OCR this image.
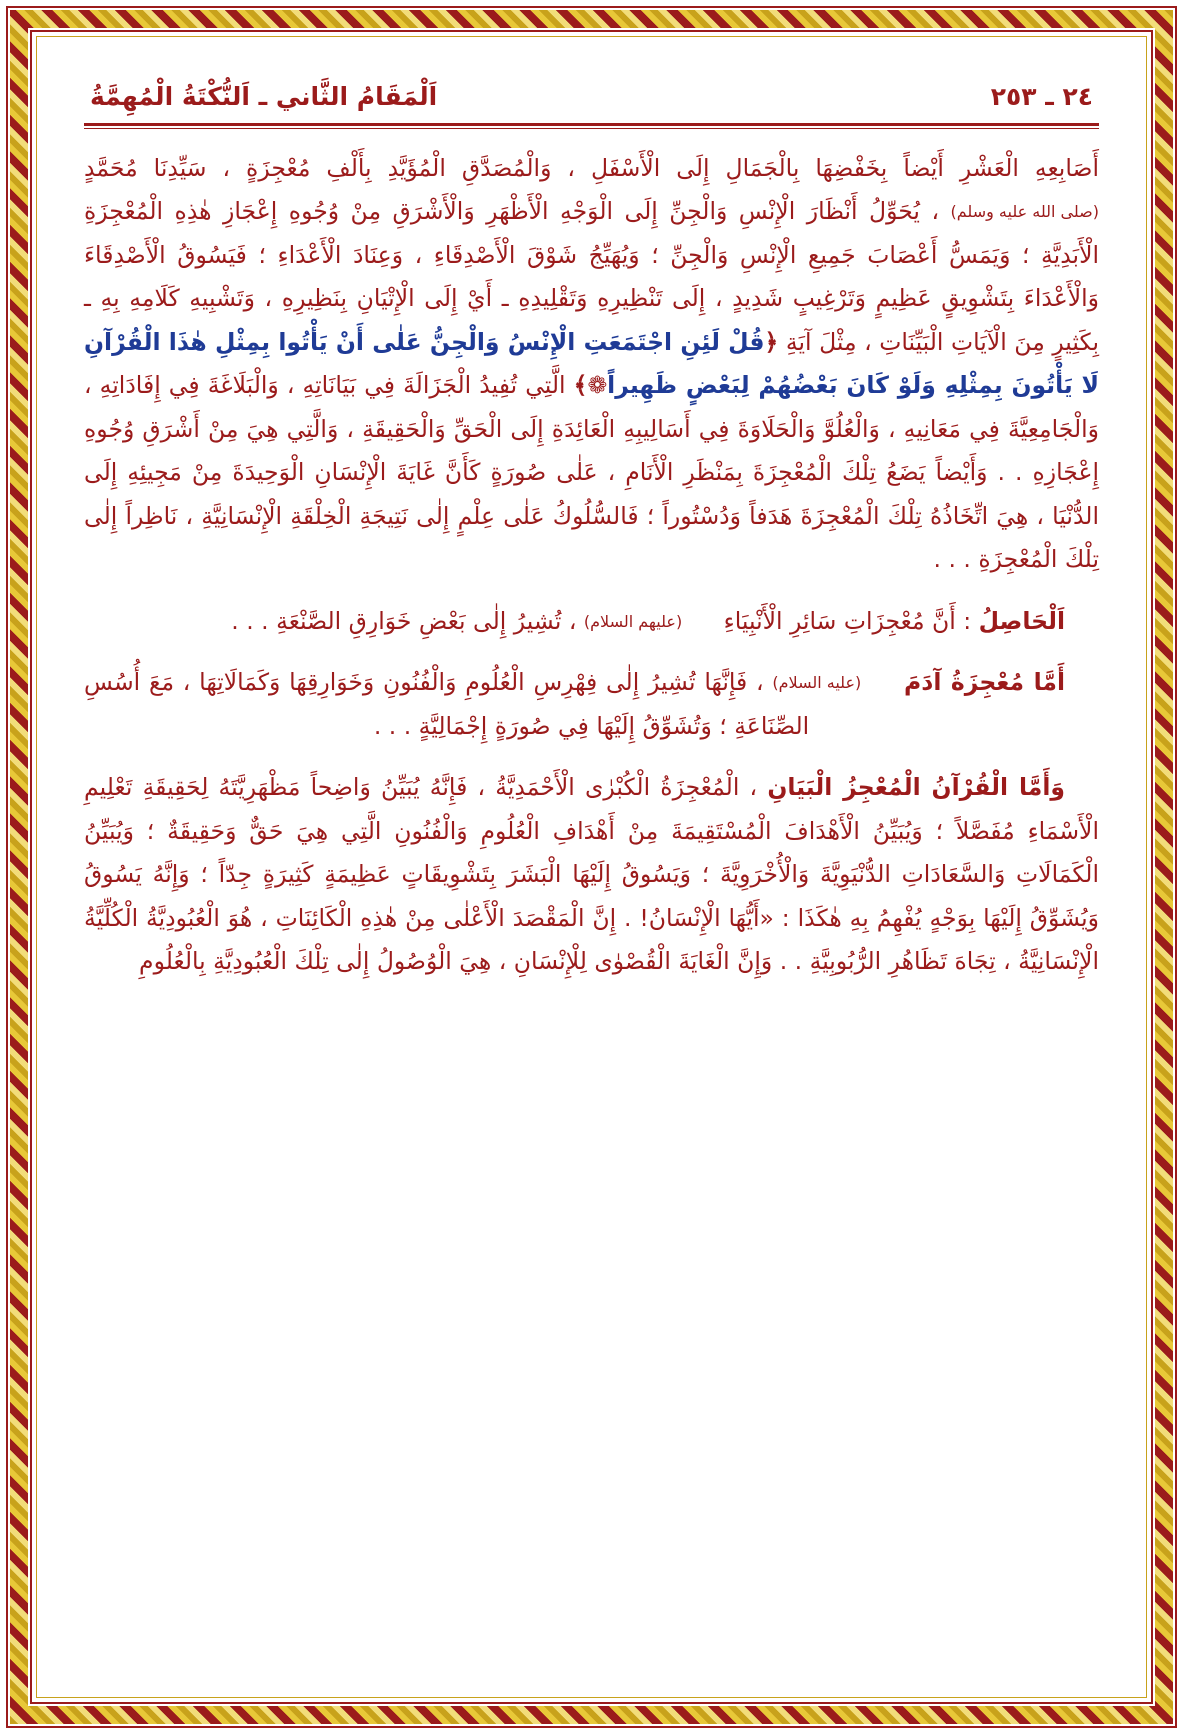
اَلْمَقَامُ الثَّاني ـ اَلنُّكْتَةُ الْمُهِمَّةُ	٢٤ ـ ٢٥٣

أَصَابِعِهِ الْعَشْرِ أَيْضاً بِخَفْضِهَا بِالْجَمَالِ إِلَى الْأَسْفَلِ ، وَالْمُصَدَّقِ الْمُؤَيَّدِ بِأَلْفِ مُعْجِزَةٍ ، سَيِّدِنَا مُحَمَّدٍ (صلى الله عليه وسلم) ، يُحَوِّلُ أَنْظَارَ الْإِنْسِ وَالْجِنِّ إِلَى الْوَجْهِ الْأَظْهَرِ وَالْأَشْرَقِ مِنْ وُجُوهِ إِعْجَازِ هٰذِهِ الْمُعْجِزَةِ الْأَبَدِيَّةِ ؛ وَيَمَسُّ أَعْصَابَ جَمِيعِ الْإِنْسِ وَالْجِنِّ ؛ وَيُهَيِّجُ شَوْقَ الْأَصْدِقَاءِ ، وَعِنَادَ الْأَعْدَاءِ ؛ فَيَسُوقُ الْأَصْدِقَاءَ وَالْأَعْدَاءَ بِتَشْوِيقٍ عَظِيمٍ وَتَرْغِيبٍ شَدِيدٍ ، إِلَى تَنْظِيرِهِ وَتَقْلِيدِهِ ـ أَيْ إِلَى الْإِتْيَانِ بِنَظِيرِهِ ، وَتَشْبِيهِ كَلَامِهِ بِهِ ـ بِكَثِيرٍ مِنَ الْآيَاتِ الْبَيِّنَاتِ ، مِثْلَ آيَةِ ﴿قُلْ لَئِنِ اجْتَمَعَتِ الْإِنْسُ وَالْجِنُّ عَلٰى أَنْ يَأْتُوا بِمِثْلِ هٰذَا الْقُرْآنِ لَا يَأْتُونَ بِمِثْلِهِ وَلَوْ كَانَ بَعْضُهُمْ لِبَعْضٍ ظَهِيراً❁﴾ الَّتِي تُفِيدُ الْجَزَالَةَ فِي بَيَانَاتِهِ ، وَالْبَلَاغَةَ فِي إِفَادَاتِهِ ، وَالْجَامِعِيَّةَ فِي مَعَانِيهِ ، وَالْعُلُوَّ وَالْحَلَاوَةَ فِي أَسَالِيبِهِ الْعَائِدَةِ إِلَى الْحَقِّ وَالْحَقِيقَةِ ، وَالَّتِي هِيَ مِنْ أَشْرَقِ وُجُوهِ إِعْجَازِهِ . . وَأَيْضاً يَضَعُ تِلْكَ الْمُعْجِزَةَ بِمَنْظَرِ الْأَنَامِ ، عَلٰى صُورَةٍ كَأَنَّ غَايَةَ الْإِنْسَانِ الْوَحِيدَةَ مِنْ مَجِيئِهِ إِلَى الدُّنْيَا ، هِيَ اتِّخَاذُهُ تِلْكَ الْمُعْجِزَةَ هَدَفاً وَدُسْتُوراً ؛ فَالسُّلُوكُ عَلٰى عِلْمٍ إِلٰى نَتِيجَةِ الْخِلْقَةِ الْإِنْسَانِيَّةِ ، نَاظِراً إِلٰى تِلْكَ الْمُعْجِزَةِ . . .

اَلْحَاصِلُ : أَنَّ مُعْجِزَاتِ سَائِرِ الْأَنْبِيَاءِ (عليهم السلام) ، تُشِيرُ إِلٰى بَعْضِ خَوَارِقِ الصَّنْعَةِ . . .

أَمَّا مُعْجِزَةُ آدَمَ (عليه السلام) ، فَإِنَّهَا تُشِيرُ إِلٰى فِهْرِسِ الْعُلُومِ وَالْفُنُونِ وَخَوَارِقِهَا وَكَمَالَاتِهَا ، مَعَ أُسُسِ الصِّنَاعَةِ ؛ وَتُشَوِّقُ إِلَيْهَا فِي صُورَةٍ إِجْمَالِيَّةٍ . . .

وَأَمَّا الْقُرْآنُ الْمُعْجِزُ الْبَيَانِ ، الْمُعْجِزَةُ الْكُبْرٰى الْأَحْمَدِيَّةُ ، فَإِنَّهُ يُبَيِّنُ وَاضِحاً مَظْهَرِيَّتَهُ لِحَقِيقَةِ تَعْلِيمِ الْأَسْمَاءِ مُفَصَّلاً ؛ وَيُبَيِّنُ الْأَهْدَافَ الْمُسْتَقِيمَةَ مِنْ أَهْدَافِ الْعُلُومِ وَالْفُنُونِ الَّتِي هِيَ حَقٌّ وَحَقِيقَةٌ ؛ وَيُبَيِّنُ الْكَمَالَاتِ وَالسَّعَادَاتِ الدُّنْيَوِيَّةَ وَالْأُخْرَوِيَّةَ ؛ وَيَسُوقُ إِلَيْهَا الْبَشَرَ بِتَشْوِيقَاتٍ عَظِيمَةٍ كَثِيرَةٍ جِدّاً ؛ وَإِنَّهُ يَسُوقُ وَيُشَوِّقُ إِلَيْهَا بِوَجْهٍ يُفْهِمُ بِهِ هٰكَذَا : «أَيُّهَا الْإِنْسَانُ! . إِنَّ الْمَقْصَدَ الْأَعْلٰى مِنْ هٰذِهِ الْكَائِنَاتِ ، هُوَ الْعُبُودِيَّةُ الْكُلِّيَّةُ الْإِنْسَانِيَّةُ ، تِجَاهَ تَظَاهُرِ الرُّبُوبِيَّةِ . . وَإِنَّ الْغَايَةَ الْقُصْوٰى لِلْإِنْسَانِ ، هِيَ الْوُصُولُ إِلٰى تِلْكَ الْعُبُودِيَّةِ بِالْعُلُومِ
